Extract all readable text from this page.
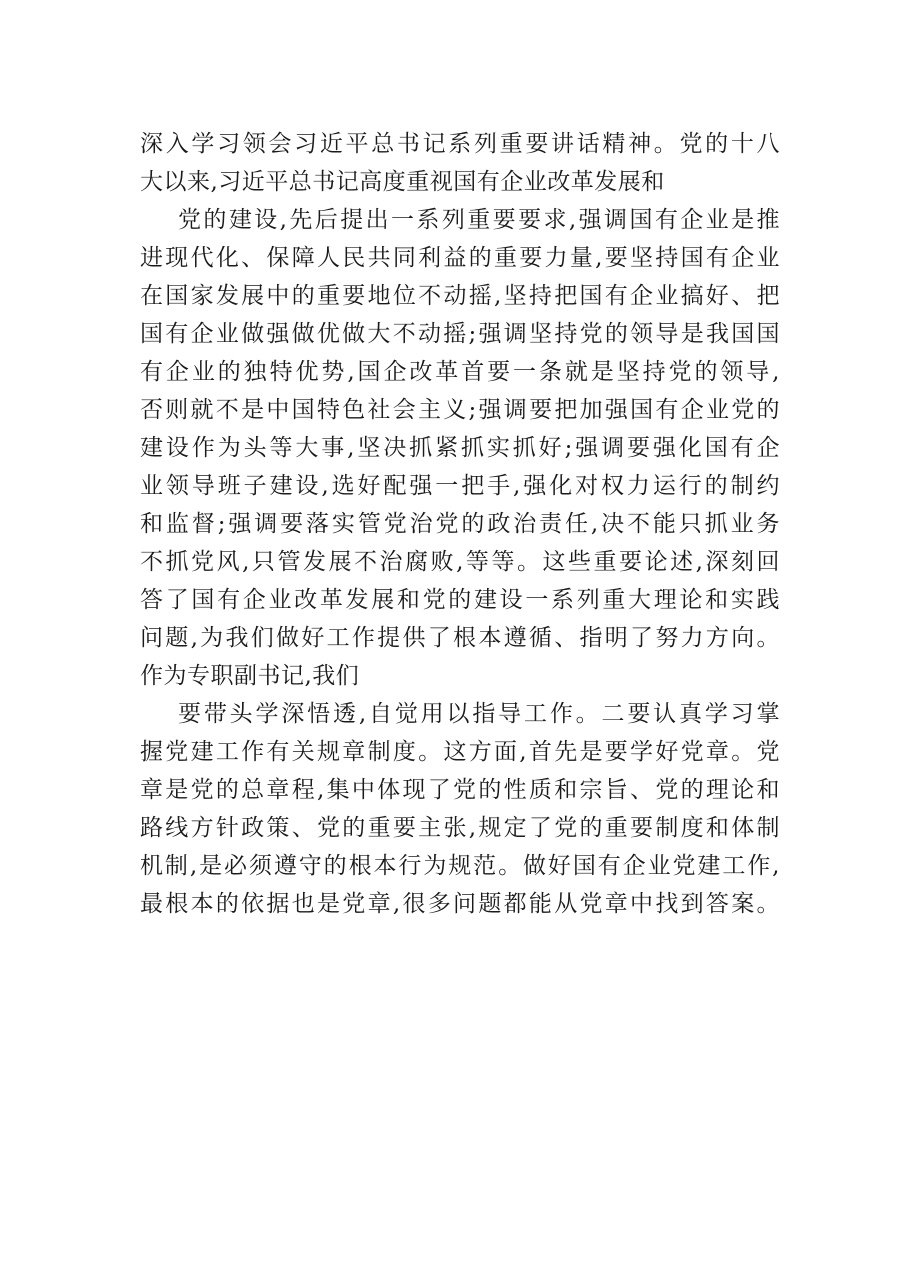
深入学习领会习近平总书记系列重要讲话精神。党的十八
大以来,习近平总书记高度重视国有企业改革发展和
党的建设,先后提出一系列重要要求,强调国有企业是推
进现代化、保障人民共同利益的重要力量,要坚持国有企业
在国家发展中的重要地位不动摇,坚持把国有企业搞好、把
国有企业做强做优做大不动摇;强调坚持党的领导是我国国
有企业的独特优势,国企改革首要一条就是坚持党的领导,
否则就不是中国特色社会主义;强调要把加强国有企业党的
建设作为头等大事,坚决抓紧抓实抓好;强调要强化国有企
业领导班子建设,选好配强一把手,强化对权力运行的制约
和监督;强调要落实管党治党的政治责任,决不能只抓业务
不抓党风,只管发展不治腐败,等等。这些重要论述,深刻回
答了国有企业改革发展和党的建设一系列重大理论和实践
问题,为我们做好工作提供了根本遵循、指明了努力方向。
作为专职副书记,我们
要带头学深悟透,自觉用以指导工作。二要认真学习掌
握党建工作有关规章制度。这方面,首先是要学好党章。党
章是党的总章程,集中体现了党的性质和宗旨、党的理论和
路线方针政策、党的重要主张,规定了党的重要制度和体制
机制,是必须遵守的根本行为规范。做好国有企业党建工作,
最根本的依据也是党章,很多问题都能从党章中找到答案。
